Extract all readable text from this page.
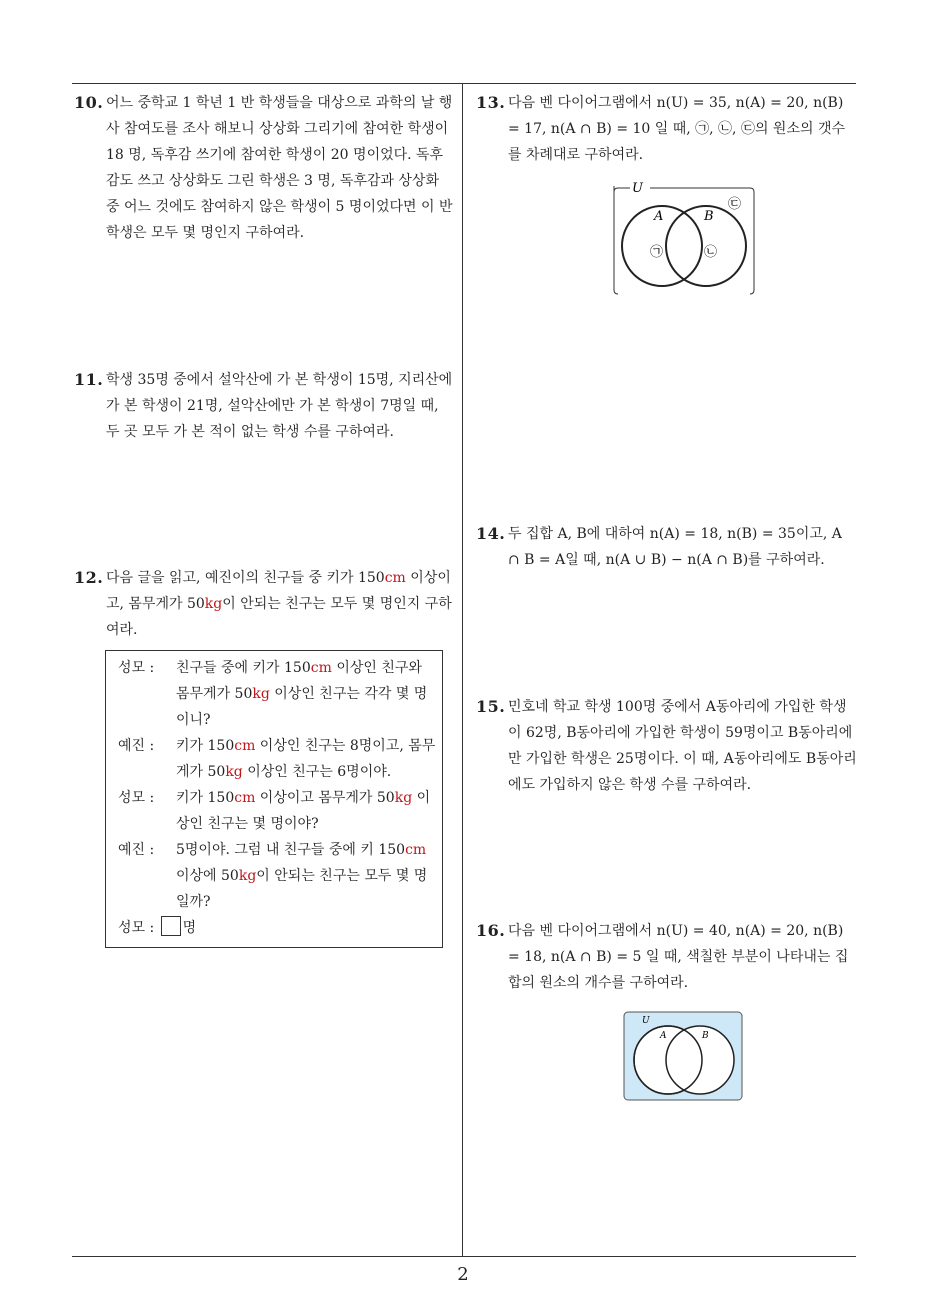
10. 어느 중학교 1 학년 1 반 학생들을 대상으로 과학의 날 행사 참여도를 조사 해보니 상상화 그리기에 참여한 학생이 18 명, 독후감 쓰기에 참여한 학생이 20 명이었다. 독후감도 쓰고 상상화도 그린 학생은 3 명, 독후감과 상상화 중 어느 것에도 참여하지 않은 학생이 5 명이었다면 이 반 학생은 모두 몇 명인지 구하여라.
11. 학생 35명 중에서 설악산에 가 본 학생이 15명, 지리산에 가 본 학생이 21명, 설악산에만 가 본 학생이 7명일 때, 두 곳 모두 가 본 적이 없는 학생 수를 구하여라.
12. 다음 글을 읽고, 예진이의 친구들 중 키가 150cm 이상이고, 몸무게가 50kg이 안되는 친구는 모두 몇 명인지 구하여라.
성모 : 친구들 중에 키가 150cm 이상인 친구와 몸무게가 50kg 이상인 친구는 각각 몇 명이니?
예진 : 키가 150cm 이상인 친구는 8명이고, 몸무게가 50kg 이상인 친구는 6명이야.
성모 : 키가 150cm 이상이고 몸무게가 50kg 이상인 친구는 몇 명이야?
예진 : 5명이야. 그럼 내 친구들 중에 키 150cm 이상에 50kg이 안되는 친구는 모두 몇 명일까?
성모 : 명
13. 다음 벤 다이어그램에서 n(U) = 35, n(A) = 20, n(B) = 17, n(A ∩ B) = 10 일 때, ㉠, ㉡, ㉢의 원소의 갯수를 차례대로 구하여라.
U
A	B
㉠	㉡
㉢
14. 두 집합 A, B에 대하여 n(A) = 18, n(B) = 35이고, A ∩ B = A일 때, n(A ∪ B) − n(A ∩ B)를 구하여라.
15. 민호네 학교 학생 100명 중에서 A동아리에 가입한 학생이 62명, B동아리에 가입한 학생이 59명이고 B동아리에만 가입한 학생은 25명이다. 이 때, A동아리에도 B동아리에도 가입하지 않은 학생 수를 구하여라.
16. 다음 벤 다이어그램에서 n(U) = 40, n(A) = 20, n(B) = 18, n(A ∩ B) = 5 일 때, 색칠한 부분이 나타내는 집합의 원소의 개수를 구하여라.
U
A	B
2
